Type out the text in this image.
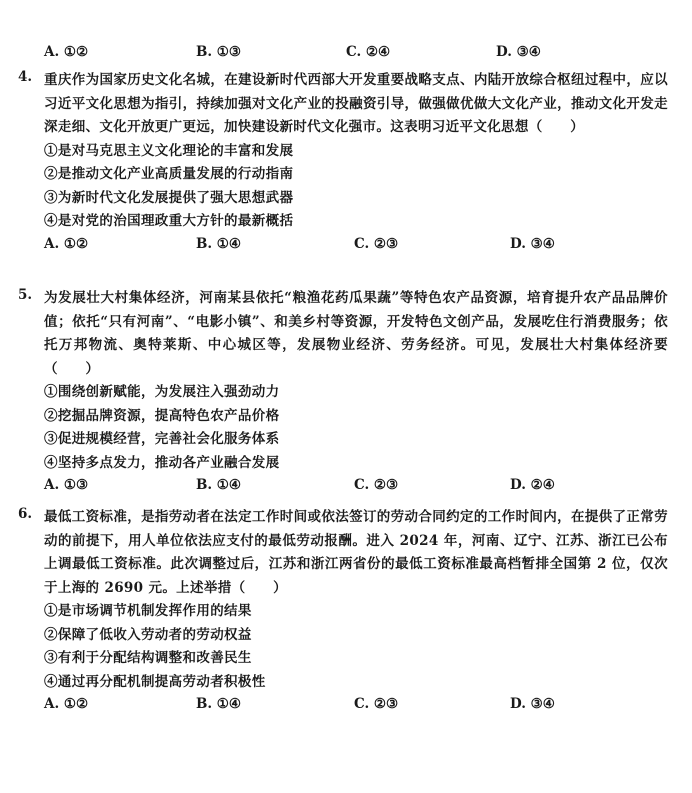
A. ①②	B. ①③	C. ②④	D. ③④
4. 重庆作为国家历史文化名城，在建设新时代西部大开发重要战略支点、内陆开放综合枢纽过程中，应以习近平文化思想为指引，持续加强对文化产业的投融资引导，做强做优做大文化产业，推动文化开发走深走细、文化开放更广更远，加快建设新时代文化强市。这表明习近平文化思想（　　）
①是对马克思主义文化理论的丰富和发展
②是推动文化产业高质量发展的行动指南
③为新时代文化发展提供了强大思想武器
④是对党的治国理政重大方针的最新概括
A. ①②	B. ①④	C. ②③	D. ③④
5. 为发展壮大村集体经济，河南某县依托“粮渔花药瓜果蔬”等特色农产品资源，培育提升农产品品牌价值；依托“只有河南”、“电影小镇”、和美乡村等资源，开发特色文创产品，发展吃住行消费服务；依托万邦物流、奥特莱斯、中心城区等，发展物业经济、劳务经济。可见，发展壮大村集体经济要（　　）
①围绕创新赋能，为发展注入强劲动力
②挖掘品牌资源，提高特色农产品价格
③促进规模经营，完善社会化服务体系
④坚持多点发力，推动各产业融合发展
A. ①③	B. ①④	C. ②③	D. ②④
6. 最低工资标准，是指劳动者在法定工作时间或依法签订的劳动合同约定的工作时间内，在提供了正常劳动的前提下，用人单位依法应支付的最低劳动报酬。进入 2024 年，河南、辽宁、江苏、浙江已公布上调最低工资标准。此次调整过后，江苏和浙江两省份的最低工资标准最高档暂排全国第 2 位，仅次于上海的 2690 元。上述举措（　　）
①是市场调节机制发挥作用的结果
②保障了低收入劳动者的劳动权益
③有利于分配结构调整和改善民生
④通过再分配机制提高劳动者积极性
A. ①②	B. ①④	C. ②③	D. ③④
